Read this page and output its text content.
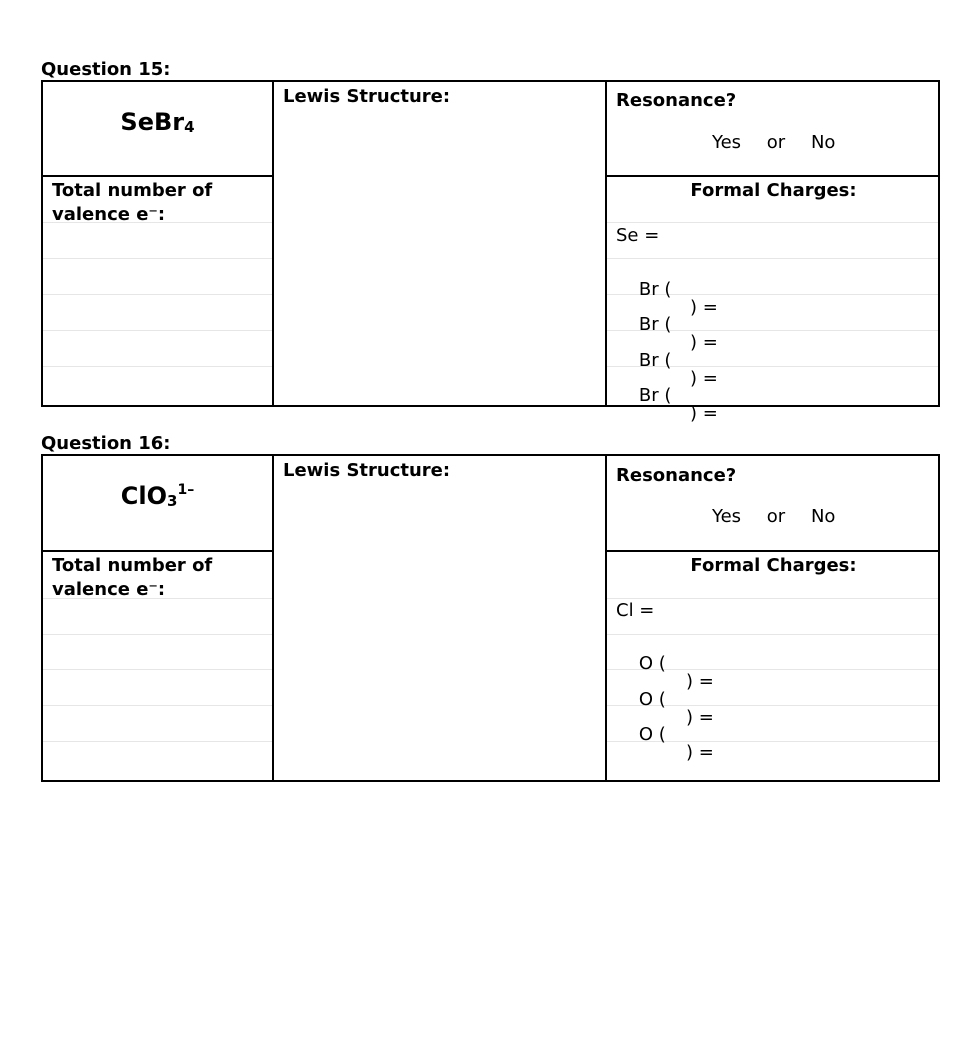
Question 15:
SeBr$_4$
Lewis Structure:	Resonance?
Yes or No
Total number of
valence e⁻:
Formal Charges:
Se =

Br (

) =

Br (

) =

Br (

) =

Br (

) =

Question 16:
ClO$_3^{1-}$
Lewis Structure:	Resonance?
Yes or No
Total number of
valence e⁻:
Formal Charges:
Cl =

O (

) =

O (

) =

O (

) =
